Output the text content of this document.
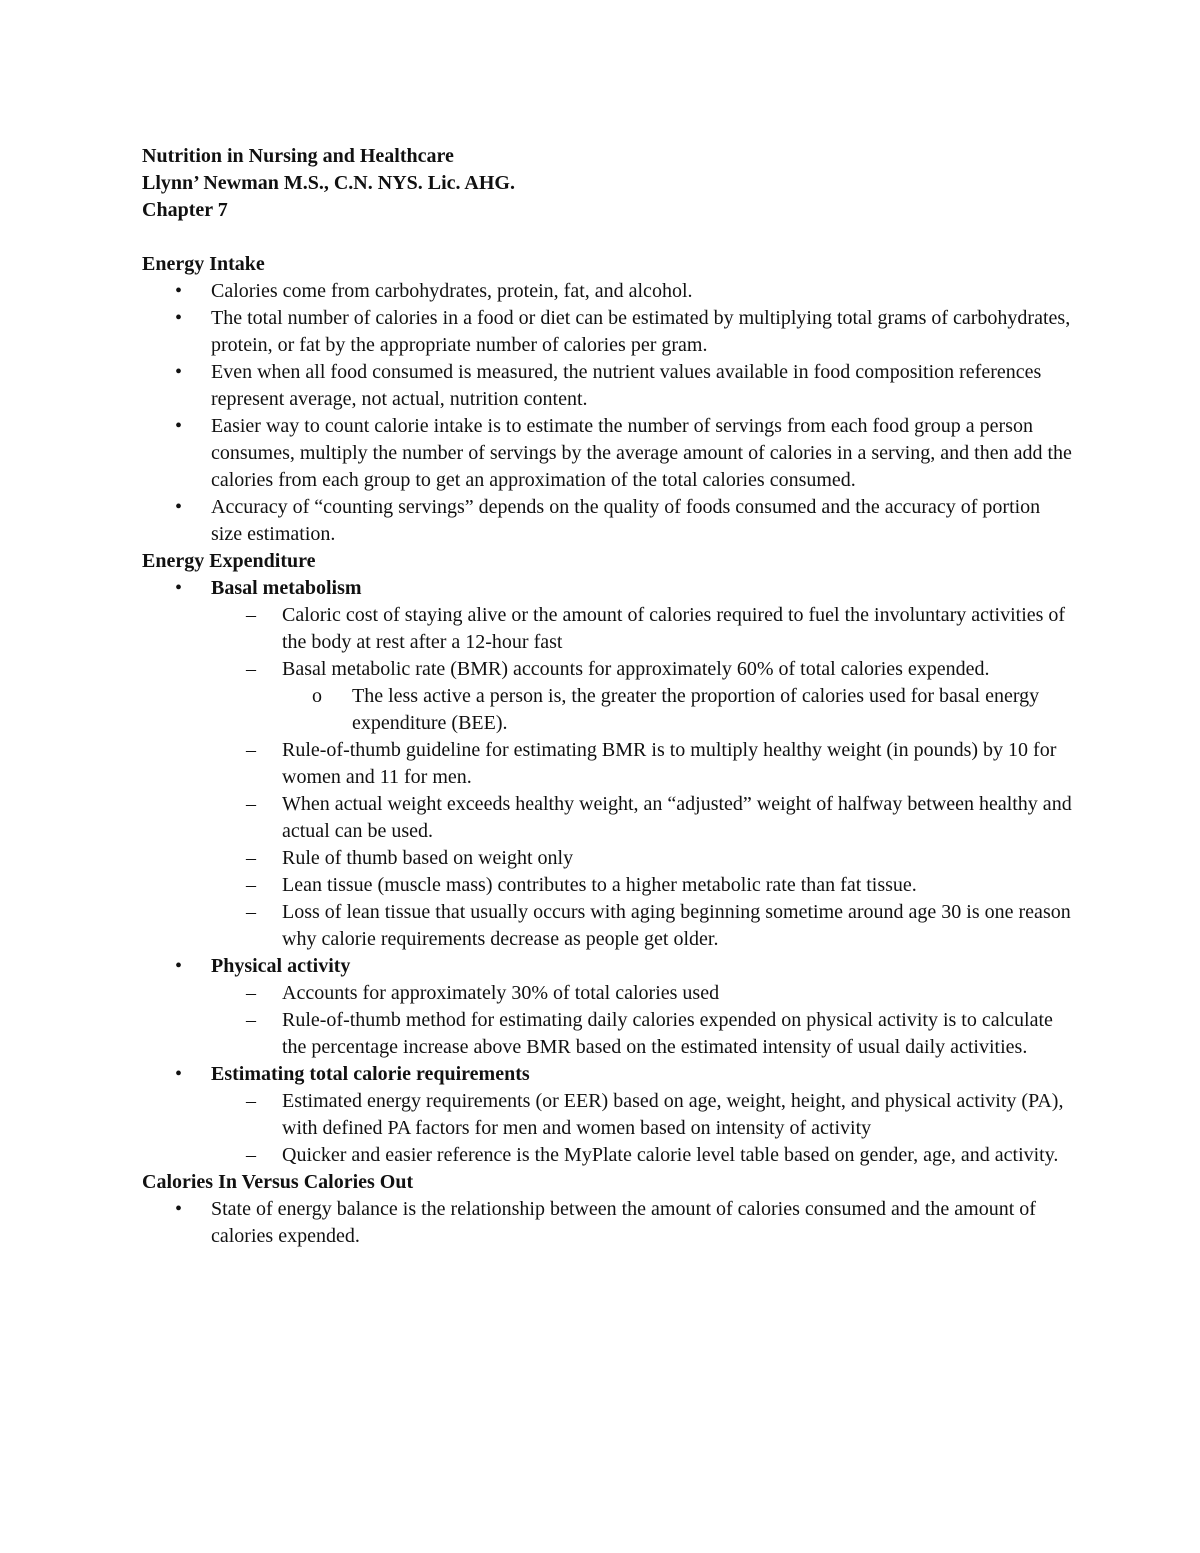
Nutrition in Nursing and Healthcare

Llynn’ Newman M.S., C.N. NYS. Lic. AHG.

Chapter 7

Energy Intake

• Calories come from carbohydrates, protein, fat, and alcohol.
• The total number of calories in a food or diet can be estimated by multiplying total grams of carbohydrates, protein, or fat by the appropriate number of calories per gram.
• Even when all food consumed is measured, the nutrient values available in food composition references represent average, not actual, nutrition content.
• Easier way to count calorie intake is to estimate the number of servings from each food group a person consumes, multiply the number of servings by the average amount of calories in a serving, and then add the calories from each group to get an approximation of the total calories consumed.
• Accuracy of “counting servings” depends on the quality of foods consumed and the accuracy of portion size estimation.

Energy Expenditure

• Basal metabolism
– Caloric cost of staying alive or the amount of calories required to fuel the involuntary activities of the body at rest after a 12-hour fast
– Basal metabolic rate (BMR) accounts for approximately 60% of total calories expended.
o The less active a person is, the greater the proportion of calories used for basal energy expenditure (BEE).
– Rule-of-thumb guideline for estimating BMR is to multiply healthy weight (in pounds) by 10 for women and 11 for men.
– When actual weight exceeds healthy weight, an “adjusted” weight of halfway between healthy and actual can be used.
– Rule of thumb based on weight only
– Lean tissue (muscle mass) contributes to a higher metabolic rate than fat tissue.
– Loss of lean tissue that usually occurs with aging beginning sometime around age 30 is one reason why calorie requirements decrease as people get older.
• Physical activity
– Accounts for approximately 30% of total calories used
– Rule-of-thumb method for estimating daily calories expended on physical activity is to calculate the percentage increase above BMR based on the estimated intensity of usual daily activities.
• Estimating total calorie requirements
– Estimated energy requirements (or EER) based on age, weight, height, and physical activity (PA), with defined PA factors for men and women based on intensity of activity
– Quicker and easier reference is the MyPlate calorie level table based on gender, age, and activity.

Calories In Versus Calories Out

• State of energy balance is the relationship between the amount of calories consumed and the amount of calories expended.
